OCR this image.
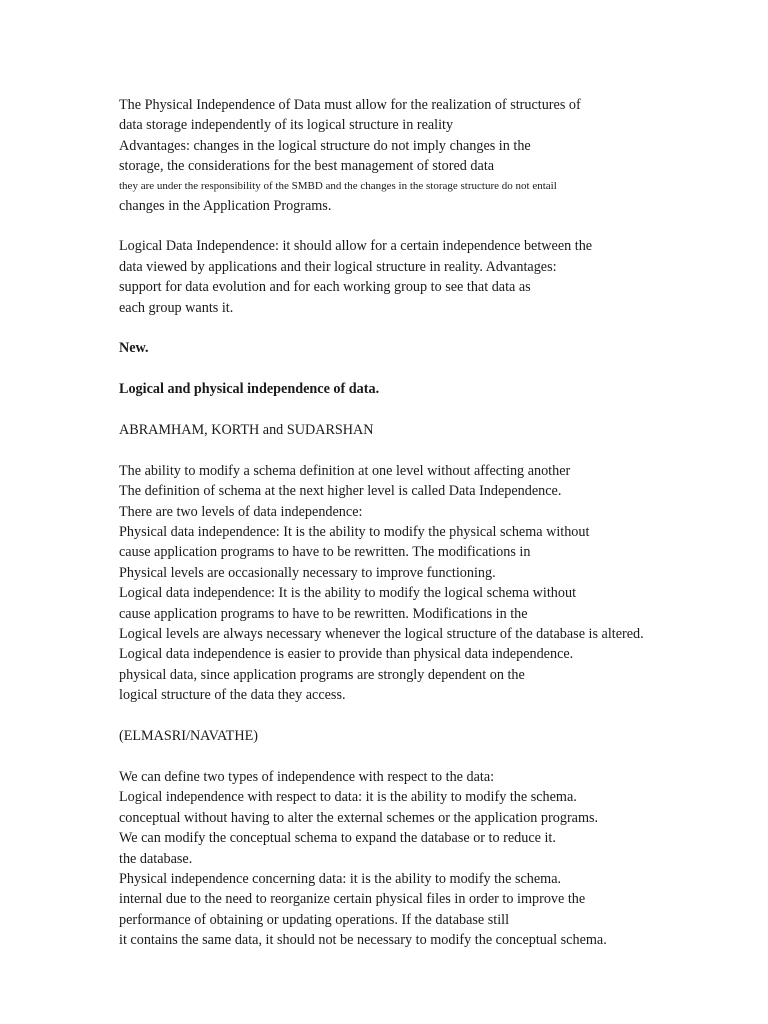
The Physical Independence of Data must allow for the realization of structures of
data storage independently of its logical structure in reality
Advantages: changes in the logical structure do not imply changes in the
storage, the considerations for the best management of stored data
they are under the responsibility of the SMBD and the changes in the storage structure do not entail
changes in the Application Programs.
Logical Data Independence: it should allow for a certain independence between the
data viewed by applications and their logical structure in reality. Advantages:
support for data evolution and for each working group to see that data as
each group wants it.
New.
Logical and physical independence of data.
ABRAMHAM, KORTH and SUDARSHAN
The ability to modify a schema definition at one level without affecting another
The definition of schema at the next higher level is called Data Independence.
There are two levels of data independence:
Physical data independence: It is the ability to modify the physical schema without
cause application programs to have to be rewritten. The modifications in
Physical levels are occasionally necessary to improve functioning.
Logical data independence: It is the ability to modify the logical schema without
cause application programs to have to be rewritten. Modifications in the
Logical levels are always necessary whenever the logical structure of the database is altered.
Logical data independence is easier to provide than physical data independence.
physical data, since application programs are strongly dependent on the
logical structure of the data they access.
(ELMASRI/NAVATHE)
We can define two types of independence with respect to the data:
Logical independence with respect to data: it is the ability to modify the schema.
conceptual without having to alter the external schemes or the application programs.
We can modify the conceptual schema to expand the database or to reduce it.
the database.
Physical independence concerning data: it is the ability to modify the schema.
internal due to the need to reorganize certain physical files in order to improve the
performance of obtaining or updating operations. If the database still
it contains the same data, it should not be necessary to modify the conceptual schema.
